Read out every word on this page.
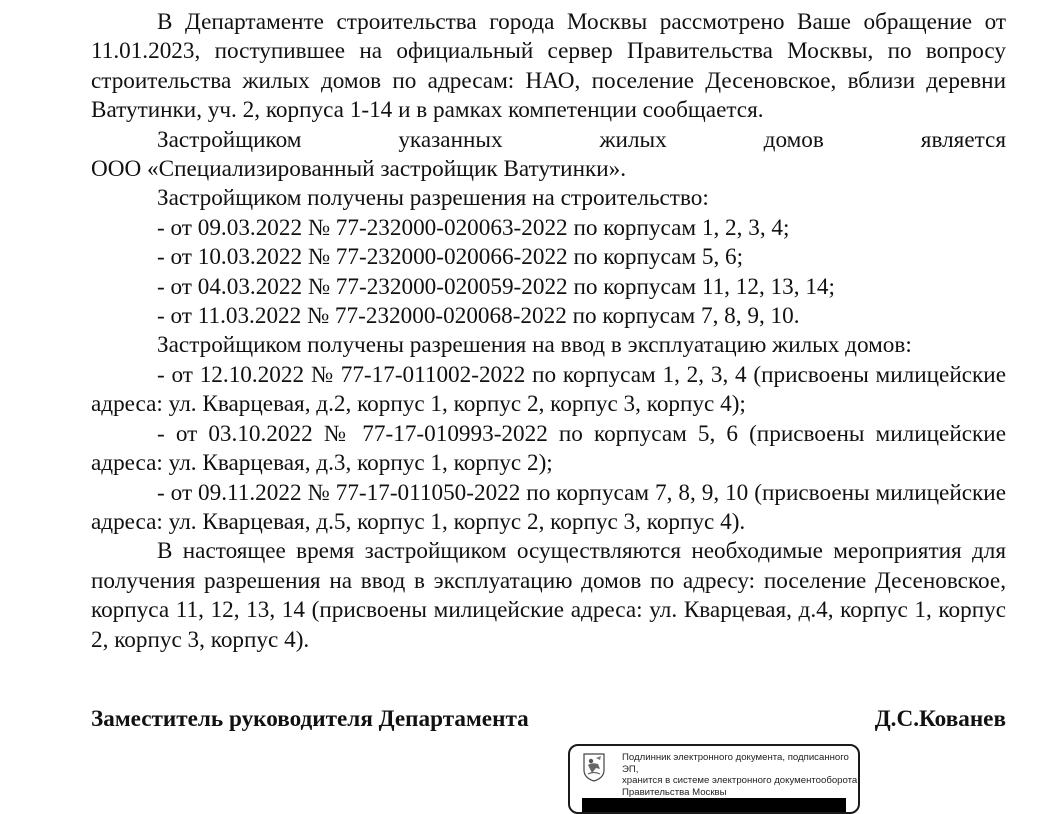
В Департаменте строительства города Москвы рассмотрено Ваше обращение от 11.01.2023, поступившее на официальный сервер Правительства Москвы, по вопросу строительства жилых домов по адресам: НАО, поселение Десеновское, вблизи деревни Ватутинки, уч. 2, корпуса 1-14 и в рамках компетенции сообщается.

Застройщиком указанных жилых домов является

ООО «Специализированный застройщик Ватутинки».

Застройщиком получены разрешения на строительство:

- от 09.03.2022 № 77-232000-020063-2022 по корпусам 1, 2, 3, 4;

- от 10.03.2022 № 77-232000-020066-2022 по корпусам 5, 6;

- от 04.03.2022 № 77-232000-020059-2022 по корпусам 11, 12, 13, 14;

- от 11.03.2022 № 77-232000-020068-2022 по корпусам 7, 8, 9, 10.

Застройщиком получены разрешения на ввод в эксплуатацию жилых домов:

- от 12.10.2022 № 77-17-011002-2022 по корпусам 1, 2, 3, 4 (присвоены милицейские адреса: ул. Кварцевая, д.2, корпус 1, корпус 2, корпус 3, корпус 4);

- от 03.10.2022 № 77-17-010993-2022 по корпусам 5, 6 (присвоены милицейские адреса: ул. Кварцевая, д.3, корпус 1, корпус 2);

- от 09.11.2022 № 77-17-011050-2022 по корпусам 7, 8, 9, 10 (присвоены милицейские адреса: ул. Кварцевая, д.5, корпус 1, корпус 2, корпус 3, корпус 4).

В настоящее время застройщиком осуществляются необходимые мероприятия для получения разрешения на ввод в эксплуатацию домов по адресу: поселение Десеновское, корпуса 11, 12, 13, 14 (присвоены милицейские адреса: ул. Кварцевая, д.4, корпус 1, корпус 2, корпус 3, корпус 4).

Заместитель руководителя Департамента	Д.С.Кованев
Подлинник электронного документа, подписанного ЭП,
хранится в системе электронного документооборота
Правительства Москвы
